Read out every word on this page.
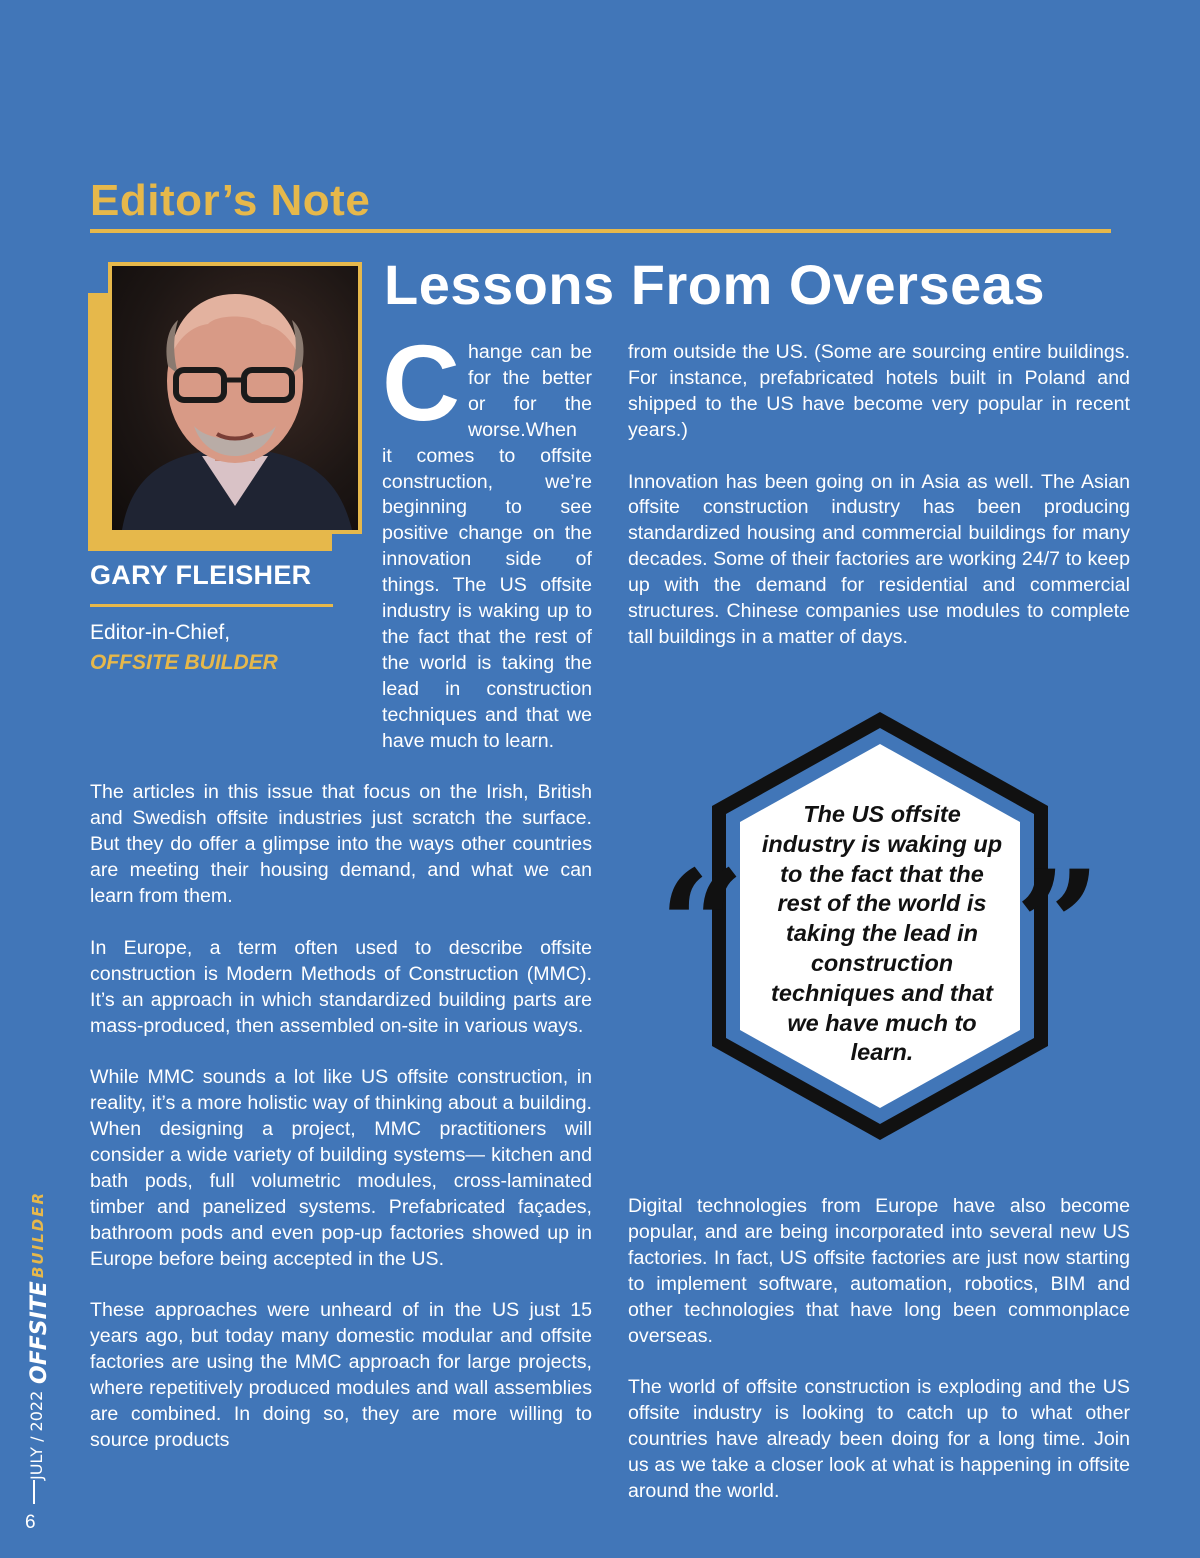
Editor’s Note
Lessons From Overseas
GARY FLEISHER
Editor-in-Chief,
OFFSITE BUILDER

Change can be for the better or for the worse.When it comes to offsite construction, we’re beginning to see positive change on the innovation side of things. The US offsite industry is waking up to the fact that the rest of the world is taking the lead in construction techniques and that we have much to learn.

The articles in this issue that focus on the Irish, British and Swedish offsite industries just scratch the surface. But they do offer a glimpse into the ways other countries are meeting their housing demand, and what we can learn from them.

In Europe, a term often used to describe offsite construction is Modern Methods of Construction (MMC). It’s an approach in which standardized building parts are mass-produced, then assembled on-site in various ways.

While MMC sounds a lot like US offsite construction, in reality, it’s a more holistic way of thinking about a building. When designing a project, MMC practitioners will consider a wide variety of building systems— kitchen and bath pods, full volumetric modules, cross-laminated timber and panelized systems. Prefabricated façades, bathroom pods and even pop-up factories showed up in Europe before being accepted in the US.

These approaches were unheard of in the US just 15 years ago, but today many domestic modular and offsite factories are using the MMC approach for large projects, where repetitively produced modules and wall assemblies are combined. In doing so, they are more willing to source products

from outside the US. (Some are sourcing entire buildings. For instance, prefabricated hotels built in Poland and shipped to the US have become very popular in recent years.)

Innovation has been going on in Asia as well. The Asian offsite construction industry has been producing standardized housing and commercial buildings for many decades. Some of their factories are working 24/7 to keep up with the demand for residential and commercial structures. Chinese companies use modules to complete tall buildings in a matter of days.

“ ”

The US offsite industry is waking up to the fact that the rest of the world is taking the lead in construction techniques and that we have much to learn.

Digital technologies from Europe have also become popular, and are being incorporated into several new US factories. In fact, US offsite factories are just now starting to implement software, automation, robotics, BIM and other technologies that have long been commonplace overseas.

The world of offsite construction is exploding and the US offsite industry is looking to catch up to what other countries have already been doing for a long time. Join us as we take a closer look at what is happening in offsite around the world.

JULY / 2022
OFFSITE
BUILDER
6
